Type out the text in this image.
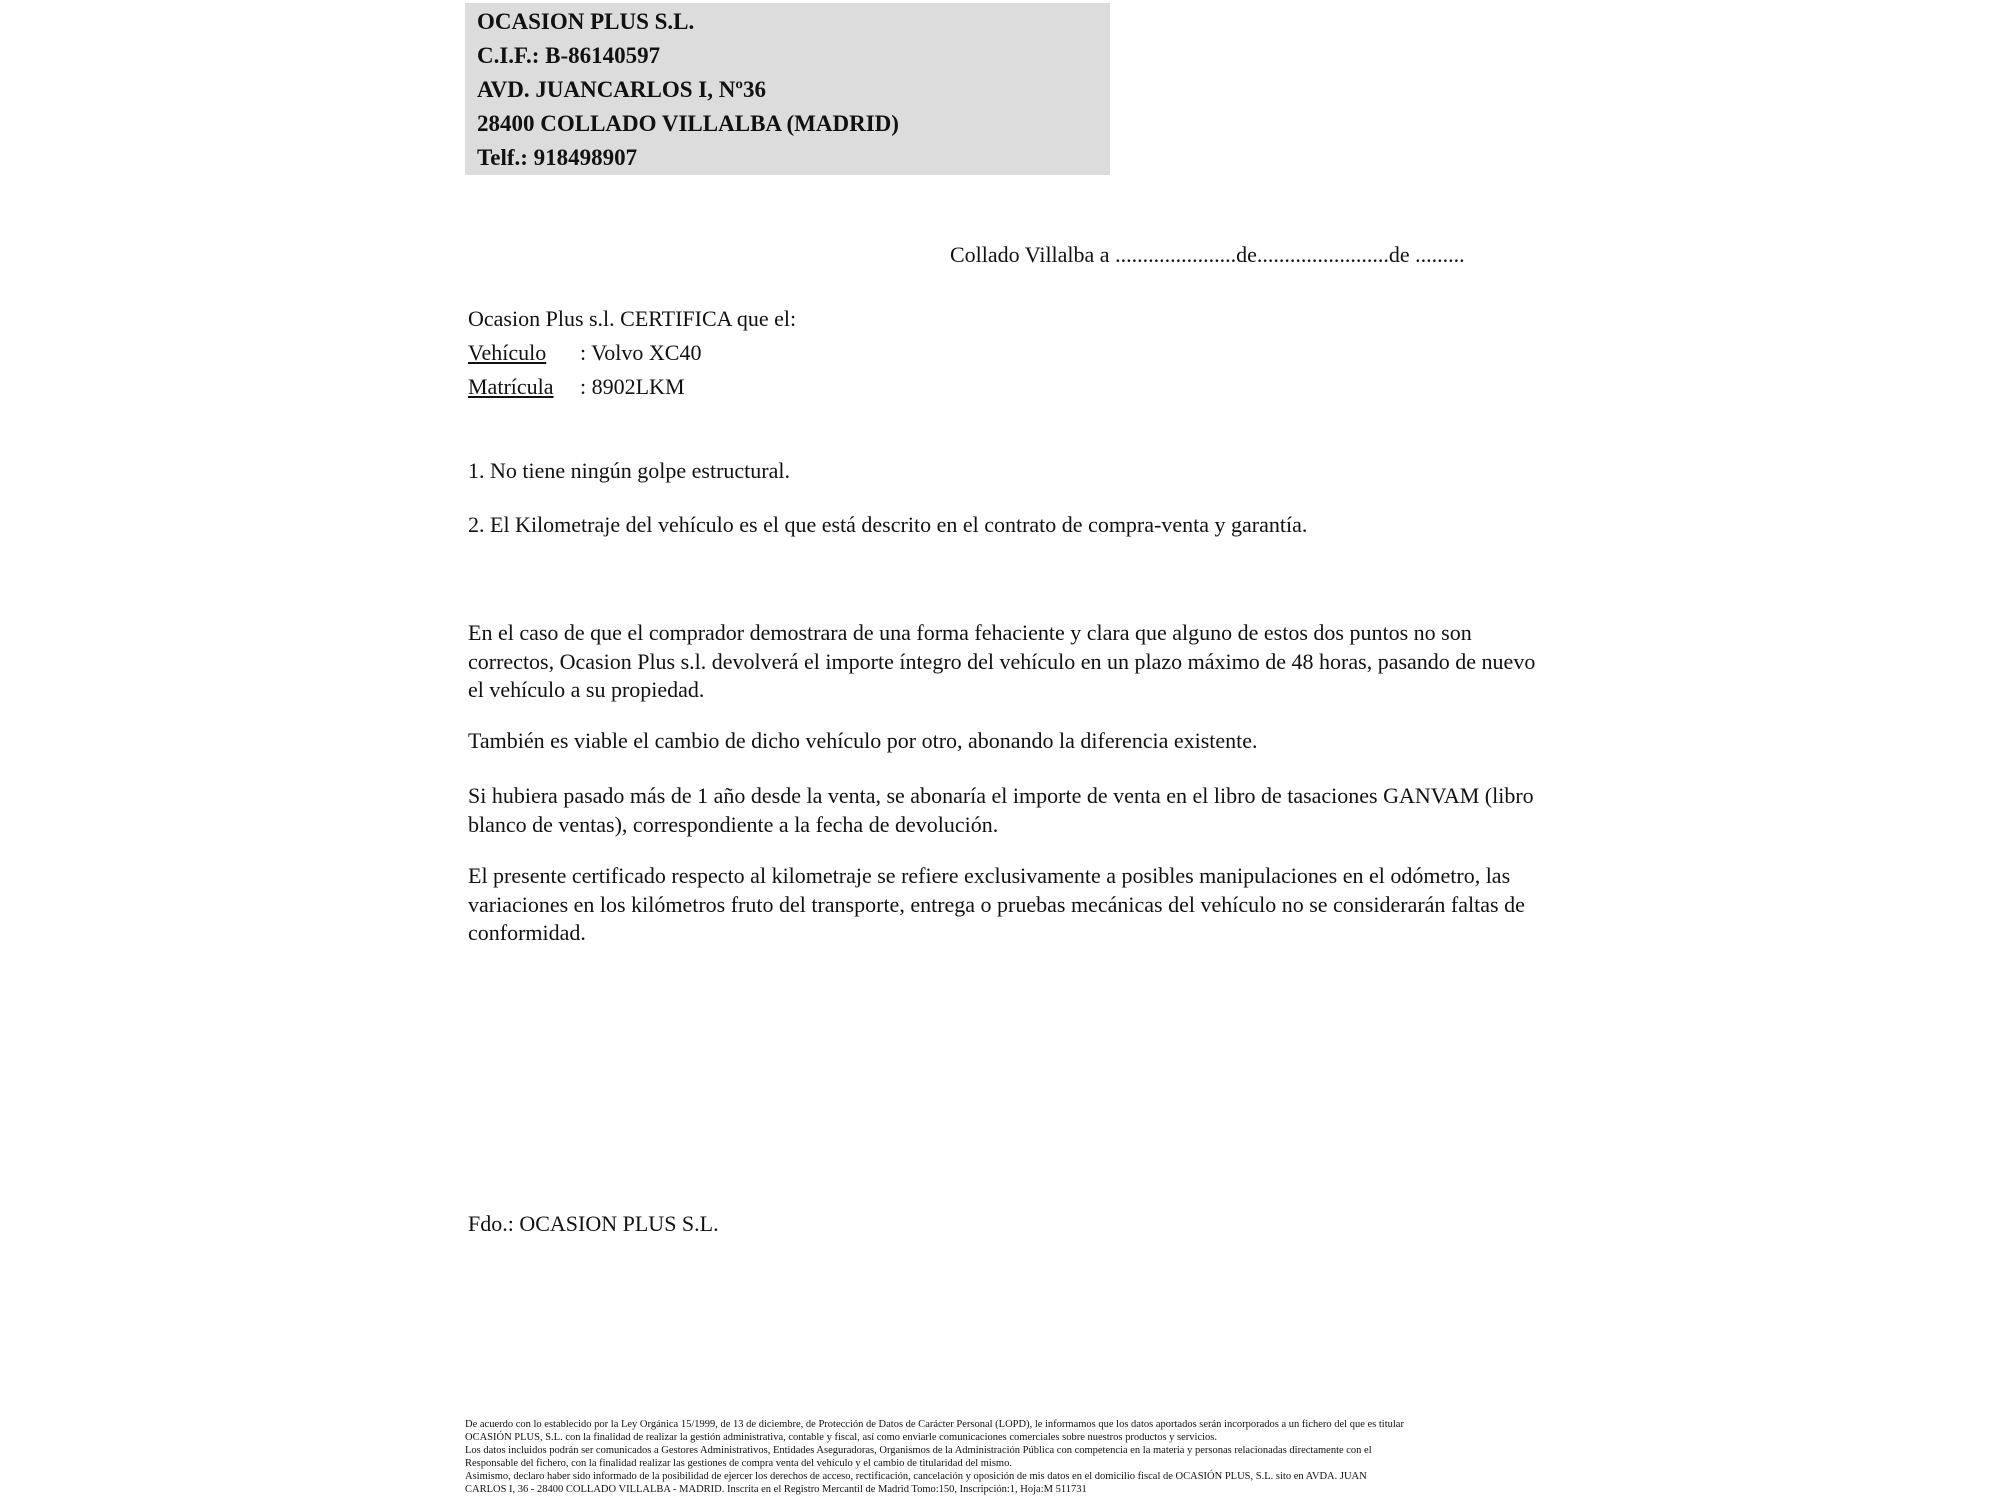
OCASION PLUS S.L.
C.I.F.: B-86140597
AVD. JUANCARLOS I, Nº36
28400 COLLADO VILLALBA (MADRID)
Telf.: 918498907
Collado Villalba a ......................de........................de .........
Ocasion Plus s.l. CERTIFICA que el:
Vehículo : Volvo XC40
Matrícula : 8902LKM
1. No tiene ningún golpe estructural.
2. El Kilometraje del vehículo es el que está descrito en el contrato de compra-venta y garantía.
En el caso de que el comprador demostrara de una forma fehaciente y clara que alguno de estos dos puntos no son correctos, Ocasion Plus s.l. devolverá el importe íntegro del vehículo en un plazo máximo de 48 horas, pasando de nuevo el vehículo a su propiedad.
También es viable el cambio de dicho vehículo por otro, abonando la diferencia existente.
Si hubiera pasado más de 1 año desde la venta, se abonaría el importe de venta en el libro de tasaciones GANVAM (libro blanco de ventas), correspondiente a la fecha de devolución.
El presente certificado respecto al kilometraje se refiere exclusivamente a posibles manipulaciones en el odómetro, las variaciones en los kilómetros fruto del transporte, entrega o pruebas mecánicas del vehículo no se considerarán faltas de conformidad.
Fdo.: OCASION PLUS S.L.
De acuerdo con lo establecido por la Ley Orgánica 15/1999, de 13 de diciembre, de Protección de Datos de Carácter Personal (LOPD), le informamos que los datos aportados serán incorporados a un fichero del que es titular
OCASIÓN PLUS, S.L. con la finalidad de realizar la gestión administrativa, contable y fiscal, así como enviarle comunicaciones comerciales sobre nuestros productos y servicios.
Los datos incluidos podrán ser comunicados a Gestores Administrativos, Entidades Aseguradoras, Organismos de la Administración Pública con competencia en la materia y personas relacionadas directamente con el
Responsable del fichero, con la finalidad realizar las gestiones de compra venta del vehículo y el cambio de titularidad del mismo.
Asimismo, declaro haber sido informado de la posibilidad de ejercer los derechos de acceso, rectificación, cancelación y oposición de mis datos en el domicilio fiscal de OCASIÓN PLUS, S.L. sito en AVDA. JUAN
CARLOS I, 36 - 28400 COLLADO VILLALBA - MADRID. Inscrita en el Registro Mercantil de Madrid Tomo:150, Inscripción:1, Hoja:M 511731
